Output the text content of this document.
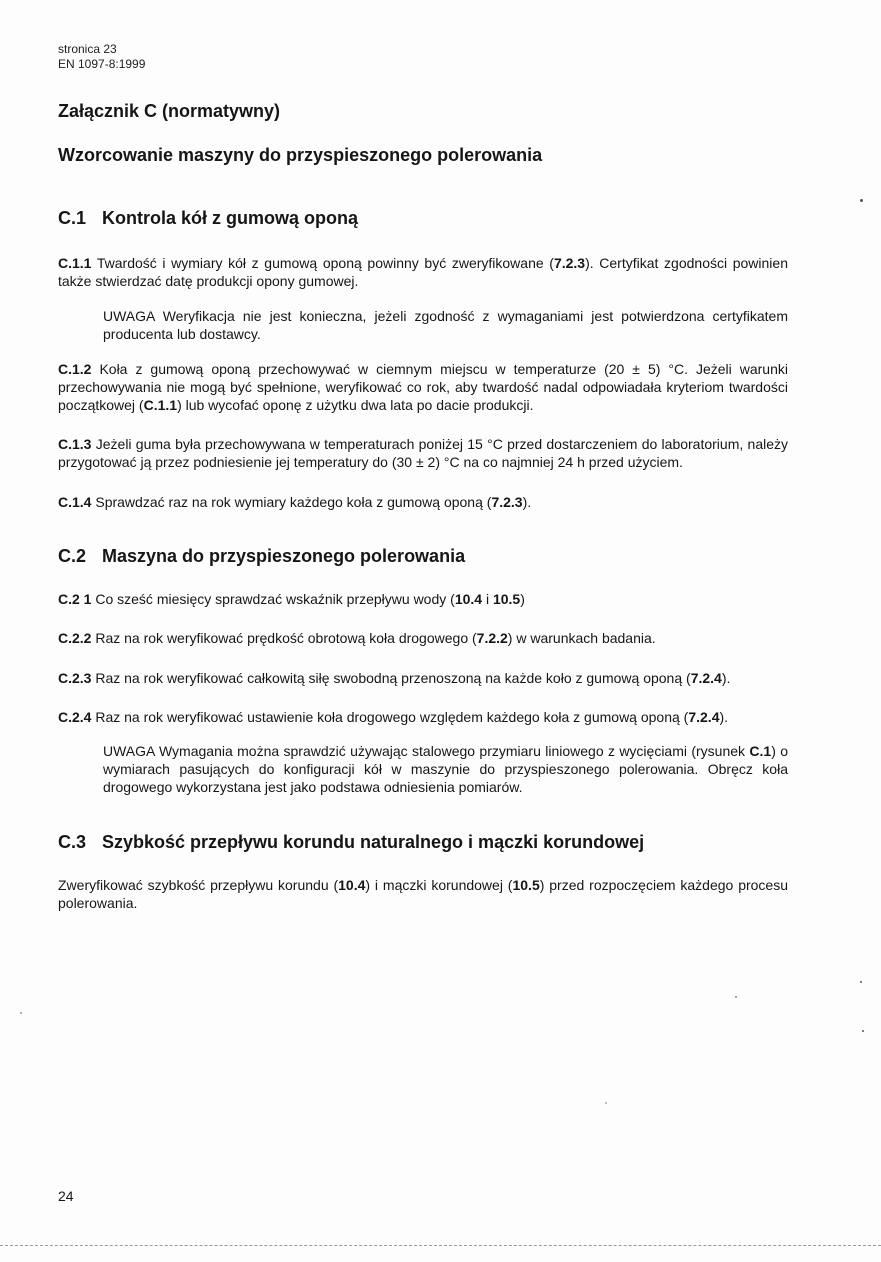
stronica 23
EN 1097-8:1999
Załącznik C (normatywny)
Wzorcowanie maszyny do przyspieszonego polerowania
C.1 Kontrola kół z gumową oponą

C.1.1 Twardość i wymiary kół z gumową oponą powinny być zweryfikowane (7.2.3). Certyfikat zgodności powinien także stwierdzać datę produkcji opony gumowej.

UWAGA Weryfikacja nie jest konieczna, jeżeli zgodność z wymaganiami jest potwierdzona certyfikatem producenta lub dostawcy.

C.1.2 Koła z gumową oponą przechowywać w ciemnym miejscu w temperaturze (20 ± 5) °C. Jeżeli warunki przechowywania nie mogą być spełnione, weryfikować co rok, aby twardość nadal odpowiadała kryteriom twardości początkowej (C.1.1) lub wycofać oponę z użytku dwa lata po dacie produkcji.

C.1.3 Jeżeli guma była przechowywana w temperaturach poniżej 15 °C przed dostarczeniem do laboratorium, należy przygotować ją przez podniesienie jej temperatury do (30 ± 2) °C na co najmniej 24 h przed użyciem.

C.1.4 Sprawdzać raz na rok wymiary każdego koła z gumową oponą (7.2.3).

C.2 Maszyna do przyspieszonego polerowania

C.2 1 Co sześć miesięcy sprawdzać wskaźnik przepływu wody (10.4 i 10.5)

C.2.2 Raz na rok weryfikować prędkość obrotową koła drogowego (7.2.2) w warunkach badania.

C.2.3 Raz na rok weryfikować całkowitą siłę swobodną przenoszoną na każde koło z gumową oponą (7.2.4).

C.2.4 Raz na rok weryfikować ustawienie koła drogowego względem każdego koła z gumową oponą (7.2.4).

UWAGA Wymagania można sprawdzić używając stalowego przymiaru liniowego z wycięciami (rysunek C.1) o wymiarach pasujących do konfiguracji kół w maszynie do przyspieszonego polerowania. Obręcz koła drogowego wykorzystana jest jako podstawa odniesienia pomiarów.

C.3 Szybkość przepływu korundu naturalnego i mączki korundowej

Zweryfikować szybkość przepływu korundu (10.4) i mączki korundowej (10.5) przed rozpoczęciem każdego procesu polerowania.

24
